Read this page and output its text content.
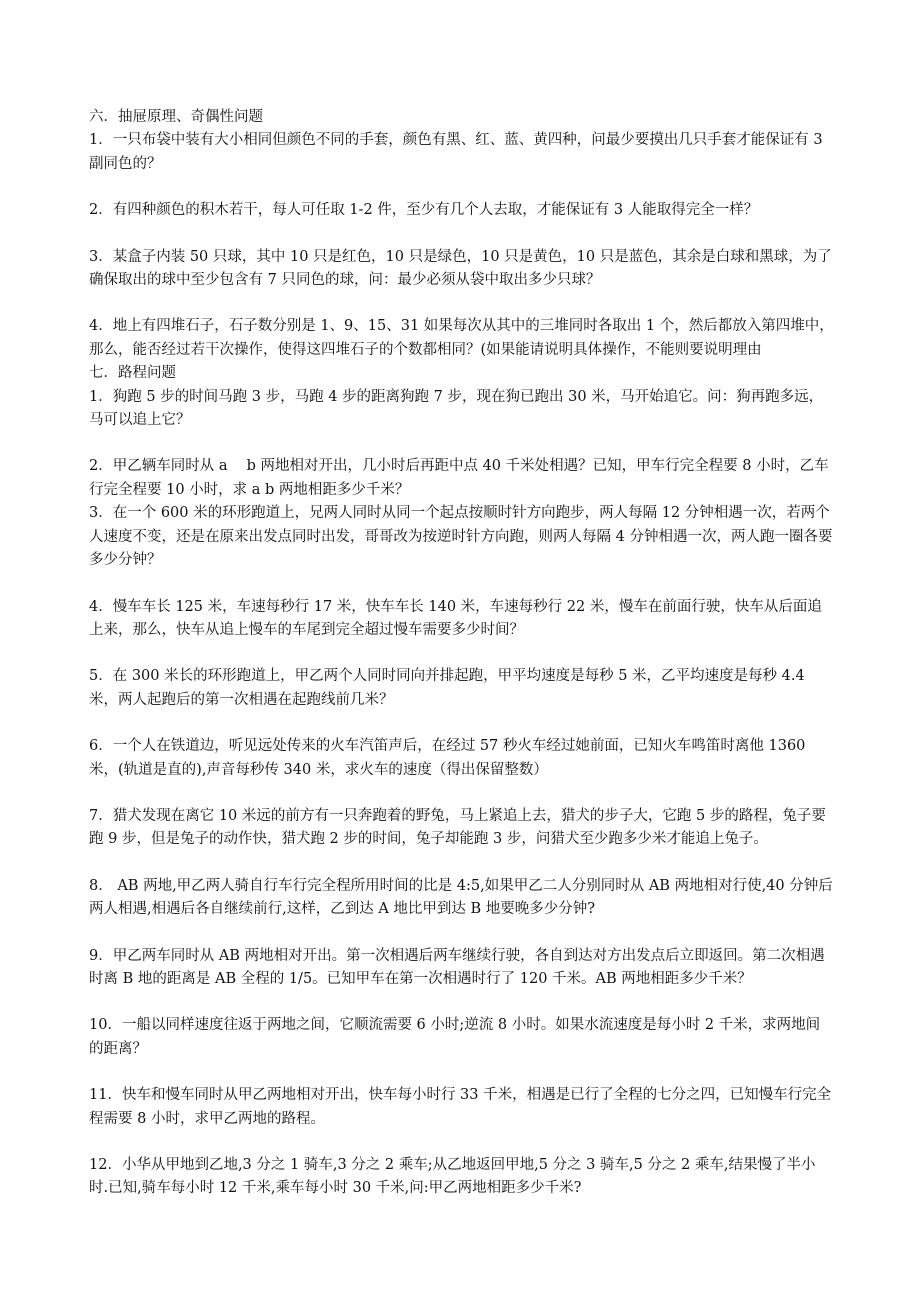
六．抽屉原理、奇偶性问题

1．一只布袋中装有大小相同但颜色不同的手套，颜色有黑、红、蓝、黄四种，问最少要摸出几只手套才能保证有 3 副同色的？

2．有四种颜色的积木若干，每人可任取 1-2 件，至少有几个人去取，才能保证有 3 人能取得完全一样？

3．某盒子内装 50 只球，其中 10 只是红色，10 只是绿色，10 只是黄色，10 只是蓝色，其余是白球和黑球，为了确保取出的球中至少包含有 7 只同色的球，问：最少必须从袋中取出多少只球？

4．地上有四堆石子，石子数分别是 1、9、15、31 如果每次从其中的三堆同时各取出 1 个，然后都放入第四堆中，那么，能否经过若干次操作，使得这四堆石子的个数都相同？(如果能请说明具体操作，不能则要说明理由

七．路程问题

1．狗跑 5 步的时间马跑 3 步，马跑 4 步的距离狗跑 7 步，现在狗已跑出 30 米，马开始追它。问：狗再跑多远，马可以追上它？

2．甲乙辆车同时从 a　 b 两地相对开出，几小时后再距中点 40 千米处相遇？已知，甲车行完全程要 8 小时，乙车行完全程要 10 小时，求 a b 两地相距多少千米？

3．在一个 600 米的环形跑道上，兄两人同时从同一个起点按顺时针方向跑步，两人每隔 12 分钟相遇一次，若两个人速度不变，还是在原来出发点同时出发，哥哥改为按逆时针方向跑，则两人每隔 4 分钟相遇一次，两人跑一圈各要多少分钟？

4．慢车车长 125 米，车速每秒行 17 米，快车车长 140 米，车速每秒行 22 米，慢车在前面行驶，快车从后面追上来，那么，快车从追上慢车的车尾到完全超过慢车需要多少时间？

5．在 300 米长的环形跑道上，甲乙两个人同时同向并排起跑，甲平均速度是每秒 5 米，乙平均速度是每秒 4.4 米，两人起跑后的第一次相遇在起跑线前几米？

6．一个人在铁道边，听见远处传来的火车汽笛声后，在经过 57 秒火车经过她前面，已知火车鸣笛时离他 1360 米，(轨道是直的),声音每秒传 340 米，求火车的速度（得出保留整数）

7．猎犬发现在离它 10 米远的前方有一只奔跑着的野兔，马上紧追上去，猎犬的步子大，它跑 5 步的路程，兔子要跑 9 步，但是兔子的动作快，猎犬跑 2 步的时间，兔子却能跑 3 步，问猎犬至少跑多少米才能追上兔子。

8． AB 两地,甲乙两人骑自行车行完全程所用时间的比是 4:5,如果甲乙二人分别同时从 AB 两地相对行使,40 分钟后两人相遇,相遇后各自继续前行,这样，乙到达 A 地比甲到达 B 地要晚多少分钟?

9．甲乙两车同时从 AB 两地相对开出。第一次相遇后两车继续行驶，各自到达对方出发点后立即返回。第二次相遇时离 B 地的距离是 AB 全程的 1/5。已知甲车在第一次相遇时行了 120 千米。AB 两地相距多少千米？

10．一船以同样速度往返于两地之间，它顺流需要 6 小时;逆流 8 小时。如果水流速度是每小时 2 千米，求两地间的距离？

11．快车和慢车同时从甲乙两地相对开出，快车每小时行 33 千米，相遇是已行了全程的七分之四，已知慢车行完全程需要 8 小时，求甲乙两地的路程。

12．小华从甲地到乙地,3 分之 1 骑车,3 分之 2 乘车;从乙地返回甲地,5 分之 3 骑车,5 分之 2 乘车,结果慢了半小时.已知,骑车每小时 12 千米,乘车每小时 30 千米,问:甲乙两地相距多少千米?
